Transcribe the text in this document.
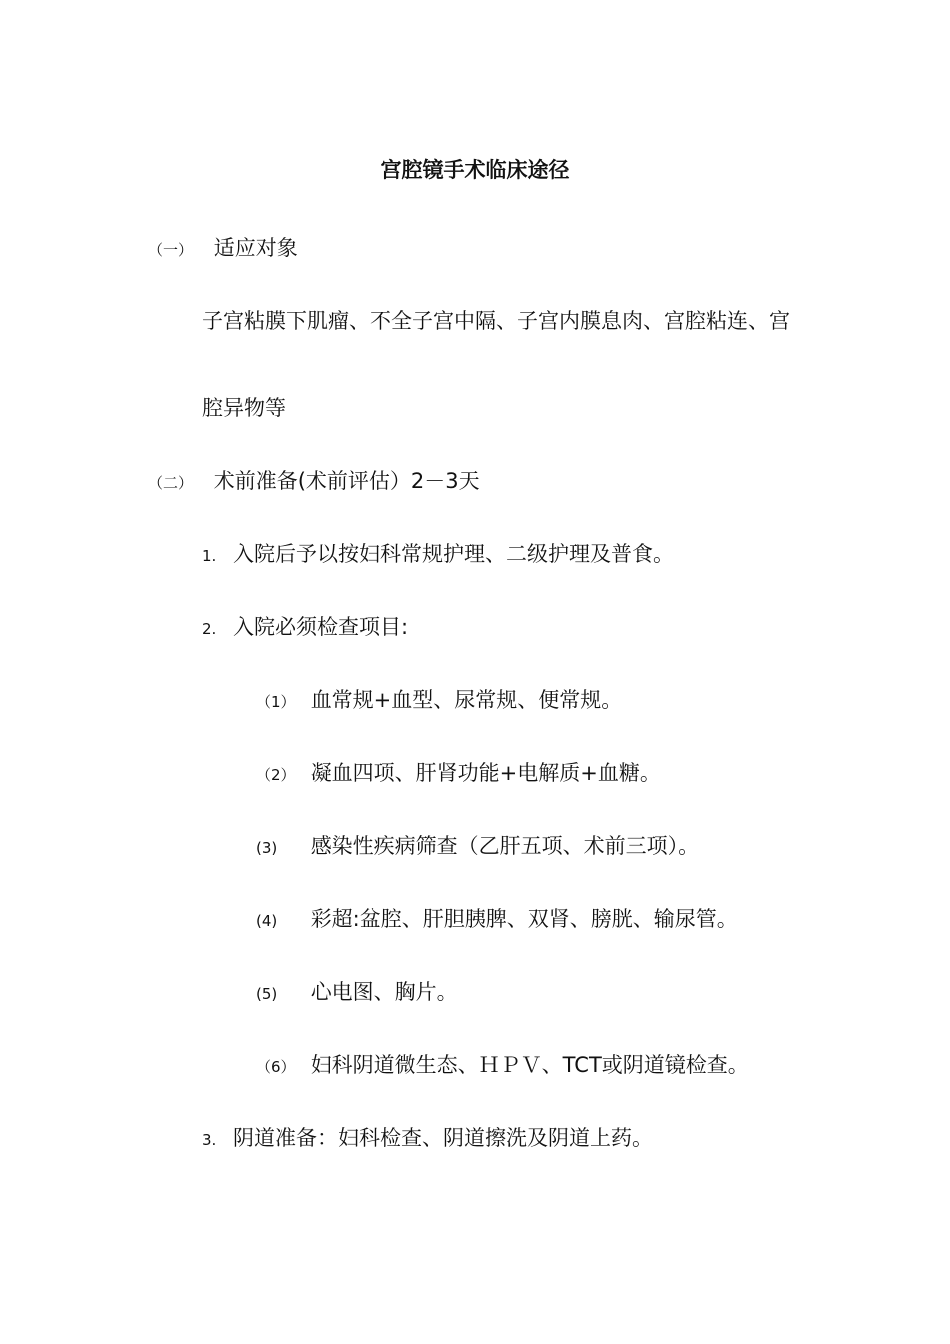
宫腔镜手术临床途径
（一） 适应对象
子宫粘膜下肌瘤、不全子宫中隔、子宫内膜息肉、宫腔粘连、宫
腔异物等
（二） 术前准备(术前评估）2－3天
1. 入院后予以按妇科常规护理、二级护理及普食。
2. 入院必须检查项目:
（1） 血常规+血型、尿常规、便常规。
（2） 凝血四项、肝肾功能+电解质+血糖。
(3) 感染性疾病筛查（乙肝五项、术前三项）。
(4) 彩超:盆腔、肝胆胰脾、双肾、膀胱、输尿管。
(5) 心电图、胸片。
（6） 妇科阴道微生态、ＨＰＶ、TCT或阴道镜检查。
3. 阴道准备：妇科检查、阴道擦洗及阴道上药。
